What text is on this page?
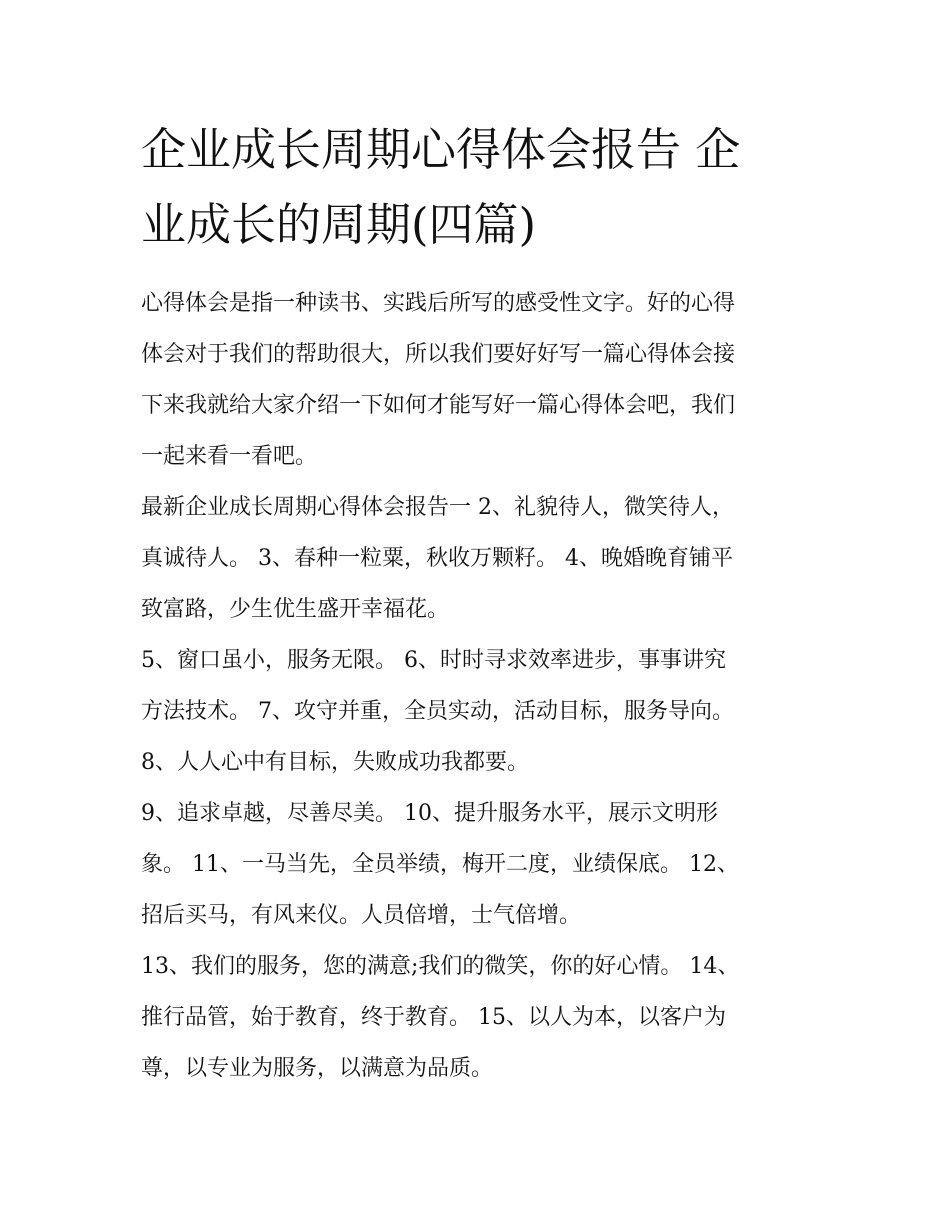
企业成长周期心得体会报告 企
业成长的周期(四篇)

心得体会是指一种读书、实践后所写的感受性文字。好的心得
体会对于我们的帮助很大，所以我们要好好写一篇心得体会接
下来我就给大家介绍一下如何才能写好一篇心得体会吧，我们
一起来看一看吧。

最新企业成长周期心得体会报告一 2、礼貌待人，微笑待人，
真诚待人。 3、春种一粒粟，秋收万颗籽。 4、晚婚晚育铺平
致富路，少生优生盛开幸福花。

5、窗口虽小，服务无限。 6、时时寻求效率进步，事事讲究
方法技术。 7、攻守并重，全员实动，活动目标，服务导向。

8、人人心中有目标，失败成功我都要。

9、追求卓越，尽善尽美。 10、提升服务水平，展示文明形
象。 11、一马当先，全员举绩，梅开二度，业绩保底。 12、
招后买马，有风来仪。人员倍增，士气倍增。

13、我们的服务，您的满意;我们的微笑，你的好心情。 14、
推行品管，始于教育，终于教育。 15、以人为本，以客户为
尊，以专业为服务，以满意为品质。
